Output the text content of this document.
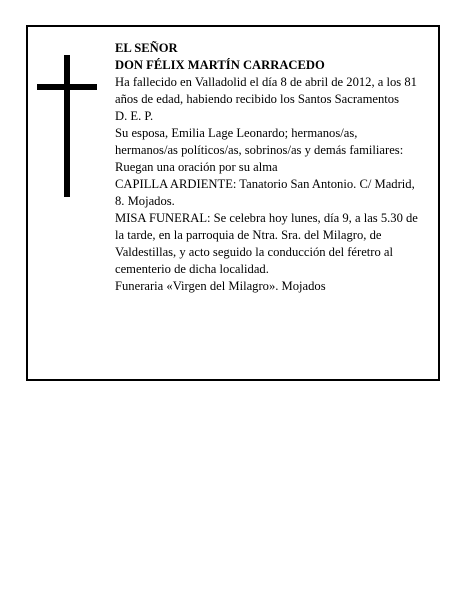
EL SEÑOR

DON FÉLIX MARTÍN CARRACEDO

Ha fallecido en Valladolid el día 8 de abril de 2012, a los 81 años de edad, habiendo recibido los Santos Sacramentos

D. E. P.

Su esposa, Emilia Lage Leonardo; hermanos/as, hermanos/as políticos/as, sobrinos/as y demás familiares:

Ruegan una oración por su alma

CAPILLA ARDIENTE: Tanatorio San Antonio. C/ Madrid, 8. Mojados.

MISA FUNERAL: Se celebra hoy lunes, día 9, a las 5.30 de la tarde, en la parroquia de Ntra. Sra. del Milagro, de Valdestillas, y acto seguido la conducción del féretro al cementerio de dicha localidad.

Funeraria «Virgen del Milagro». Mojados
